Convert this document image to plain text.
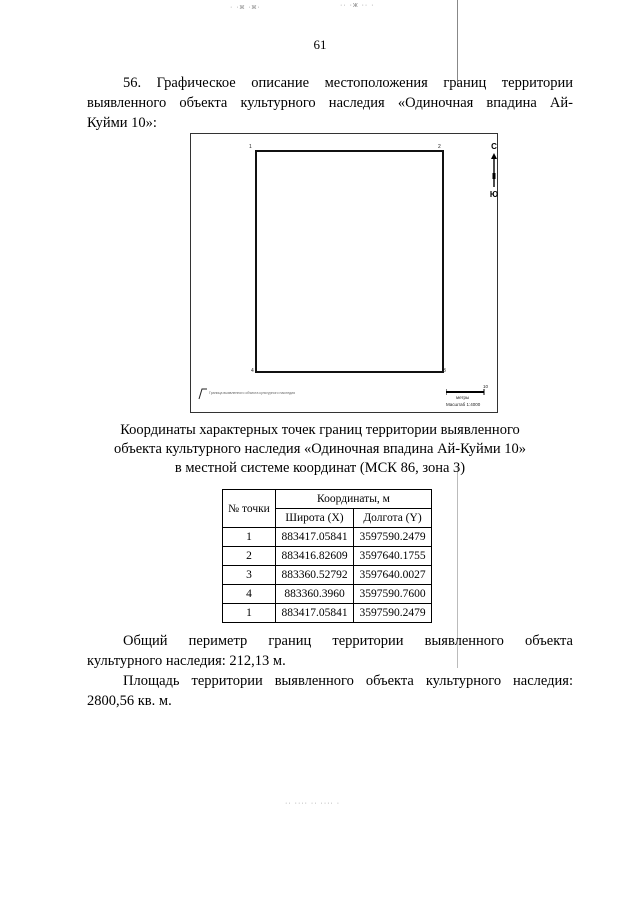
· ·ж ·ж·	·· ·ж ·· ·
·· ···· ·· ···· ·
61
56. Графическое описание местоположения границ территории
выявленного объекта культурного наследия «Одиночная впадина Ай-
Куйми 10»:
1	2
3
4
С
Ю
Граница выявленного объекта культурного наследия
10
метры
Масштаб 1:4000
Координаты характерных точек границ территории выявленного
объекта культурного наследия «Одиночная впадина Ай-Куйми 10»
в местной системе координат (МСК 86, зона 3)
№ точки	Координаты, м	
	Широта (X)	Долгота (Y)
1	883417.05841	3597590.2479
2	883416.82609	3597640.1755
3	883360.52792	3597640.0027
4	883360.3960	3597590.7600
1	883417.05841	3597590.2479
Общий периметр границ территории выявленного объекта
культурного наследия: 212,13 м.
Площадь территории выявленного объекта культурного наследия:
2800,56 кв. м.
